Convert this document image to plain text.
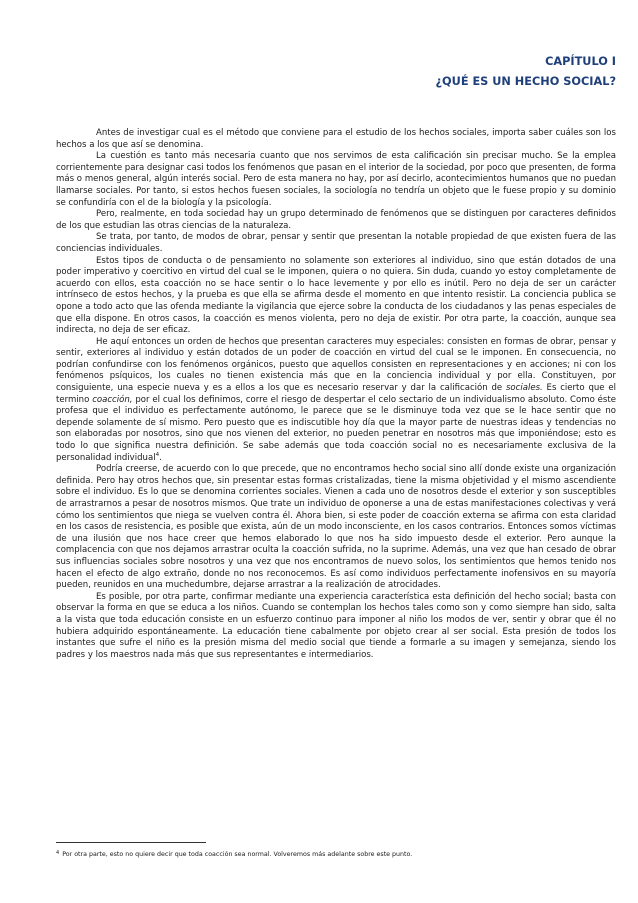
CAPÍTULO I
¿QUÉ ES UN HECHO SOCIAL?

Antes de investigar cual es el método que conviene para el estudio de los hechos sociales, importa saber cuáles son los hechos a los que así se denomina.

La cuestión es tanto más necesaria cuanto que nos servimos de esta calificación sin precisar mucho. Se la emplea corrientemente para designar casi todos los fenómenos que pasan en el interior de la sociedad, por poco que presenten, de forma más o menos general, algún interés social. Pero de esta manera no hay, por así decirlo, acontecimientos humanos que no puedan llamarse sociales. Por tanto, si estos hechos fuesen sociales, la sociología no tendría un objeto que le fuese propio y su dominio se confundiría con el de la biología y la psicología.

Pero, realmente, en toda sociedad hay un grupo determinado de fenómenos que se distinguen por caracteres definidos de los que estudian las otras ciencias de la naturaleza.

Se trata, por tanto, de modos de obrar, pensar y sentir que presentan la notable propiedad de que existen fuera de las conciencias individuales.

Estos tipos de conducta o de pensamiento no solamente son exteriores al individuo, sino que están dotados de una poder imperativo y coercitivo en virtud del cual se le imponen, quiera o no quiera. Sin duda, cuando yo estoy completamente de acuerdo con ellos, esta coacción no se hace sentir o lo hace levemente y por ello es inútil. Pero no deja de ser un carácter intrínseco de estos hechos, y la prueba es que ella se afirma desde el momento en que intento resistir. La conciencia publica se opone a todo acto que las ofenda mediante la vigilancia que ejerce sobre la conducta de los ciudadanos y las penas especiales de que ella dispone. En otros casos, la coacción es menos violenta, pero no deja de existir. Por otra parte, la coacción, aunque sea indirecta, no deja de ser eficaz.

He aquí entonces un orden de hechos que presentan caracteres muy especiales: consisten en formas de obrar, pensar y sentir, exteriores al individuo y están dotados de un poder de coacción en virtud del cual se le imponen. En consecuencia, no podrían confundirse con los fenómenos orgánicos, puesto que aquellos consisten en representaciones y en acciones; ni con los fenómenos psíquicos, los cuales no tienen existencia más que en la conciencia individual y por ella. Constituyen, por consiguiente, una especie nueva y es a ellos a los que es necesario reservar y dar la calificación de sociales. Es cierto que el termino coacción, por el cual los definimos, corre el riesgo de despertar el celo sectario de un individualismo absoluto. Como éste profesa que el individuo es perfectamente autónomo, le parece que se le disminuye toda vez que se le hace sentir que no depende solamente de sí mismo. Pero puesto que es indiscutible hoy día que la mayor parte de nuestras ideas y tendencias no son elaboradas por nosotros, sino que nos vienen del exterior, no pueden penetrar en nosotros más que imponiéndose; esto es todo lo que significa nuestra definición. Se sabe además que toda coacción social no es necesariamente exclusiva de la personalidad individual$^4$.

Podría creerse, de acuerdo con lo que precede, que no encontramos hecho social sino allí donde existe una organización definida. Pero hay otros hechos que, sin presentar estas formas cristalizadas, tiene la misma objetividad y el mismo ascendiente sobre el individuo. Es lo que se denomina corrientes sociales. Vienen a cada uno de nosotros desde el exterior y son susceptibles de arrastrarnos a pesar de nosotros mismos. Que trate un individuo de oponerse a una de estas manifestaciones colectivas y verá cómo los sentimientos que niega se vuelven contra él. Ahora bien, si este poder de coacción externa se afirma con esta claridad en los casos de resistencia, es posible que exista, aún de un modo inconsciente, en los casos contrarios. Entonces somos víctimas de una ilusión que nos hace creer que hemos elaborado lo que nos ha sido impuesto desde el exterior. Pero aunque la complacencia con que nos dejamos arrastrar oculta la coacción sufrida, no la suprime. Además, una vez que han cesado de obrar sus influencias sociales sobre nosotros y una vez que nos encontramos de nuevo solos, los sentimientos que hemos tenido nos hacen el efecto de algo extraño, donde no nos reconocemos. Es así como individuos perfectamente inofensivos en su mayoría pueden, reunidos en una muchedumbre, dejarse arrastrar a la realización de atrocidades.

Es posible, por otra parte, confirmar mediante una experiencia característica esta definición del hecho social; basta con observar la forma en que se educa a los niños. Cuando se contemplan los hechos tales como son y como siempre han sido, salta a la vista que toda educación consiste en un esfuerzo continuo para imponer al niño los modos de ver, sentir y obrar que él no hubiera adquirido espontáneamente. La educación tiene cabalmente por objeto crear al ser social. Esta presión de todos los instantes que sufre el niño es la presión misma del medio social que tiende a formarle a su imagen y semejanza, siendo los padres y los maestros nada más que sus representantes e intermediarios.

$^4$ Por otra parte, esto no quiere decir que toda coacción sea normal. Volveremos más adelante sobre este punto.
